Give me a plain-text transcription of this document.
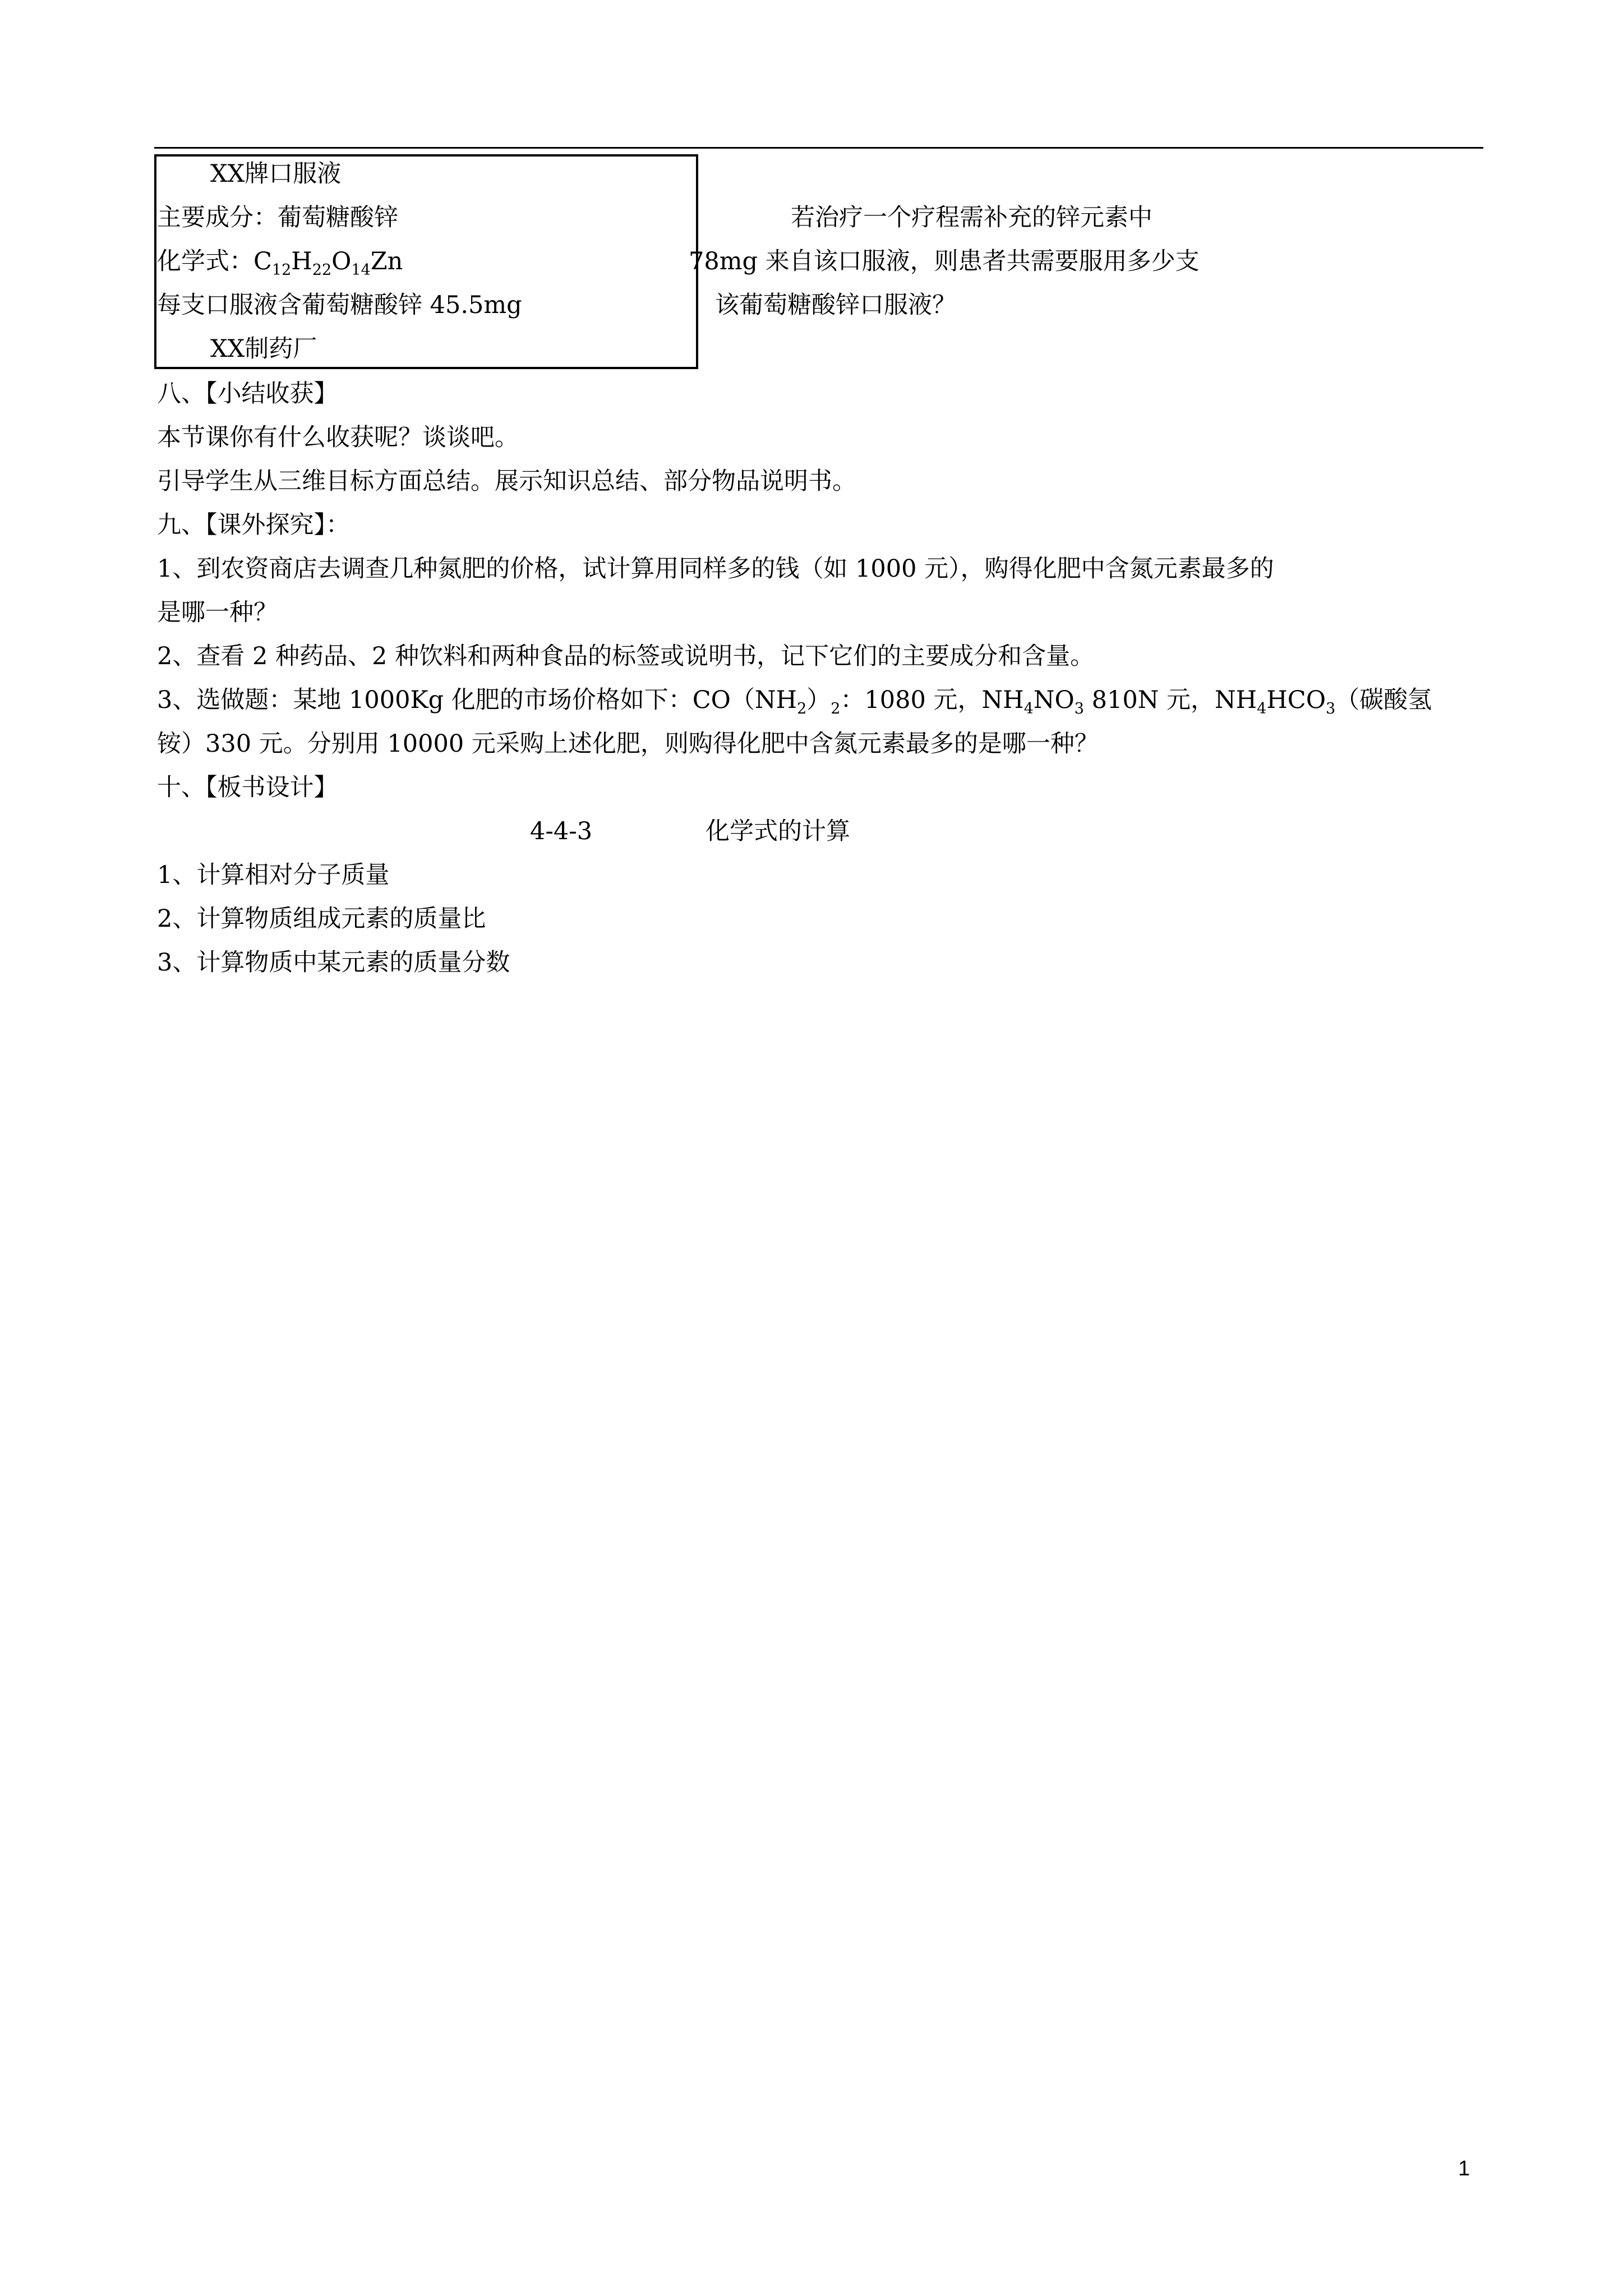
XX牌口服液
主要成分：葡萄糖酸锌
化学式：$C_{12}H_{22}O_{14}Zn$
每支口服液含葡萄糖酸锌 45.5mg
XX制药厂
若治疗一个疗程需补充的锌元素中
78mg 来自该口服液，则患者共需要服用多少支
该葡萄糖酸锌口服液？
八、【小结收获】
本节课你有什么收获呢？谈谈吧。
引导学生从三维目标方面总结。展示知识总结、部分物品说明书。
九、【课外探究】：
1、到农资商店去调查几种氮肥的价格，试计算用同样多的钱（如 1000 元），购得化肥中含氮元素最多的
是哪一种？
2、查看 2 种药品、2 种饮料和两种食品的标签或说明书，记下它们的主要成分和含量。
3、选做题：某地 1000Kg 化肥的市场价格如下：$CO(NH_2)_2$：1080 元，$NH_4NO_3$ 810N 元，$NH_4HCO_3$（碳酸氢
铵）330 元。分别用 10000 元采购上述化肥，则购得化肥中含氮元素最多的是哪一种？
十、【板书设计】
4-4-3	化学式的计算
1、计算相对分子质量
2、计算物质组成元素的质量比
3、计算物质中某元素的质量分数
1
